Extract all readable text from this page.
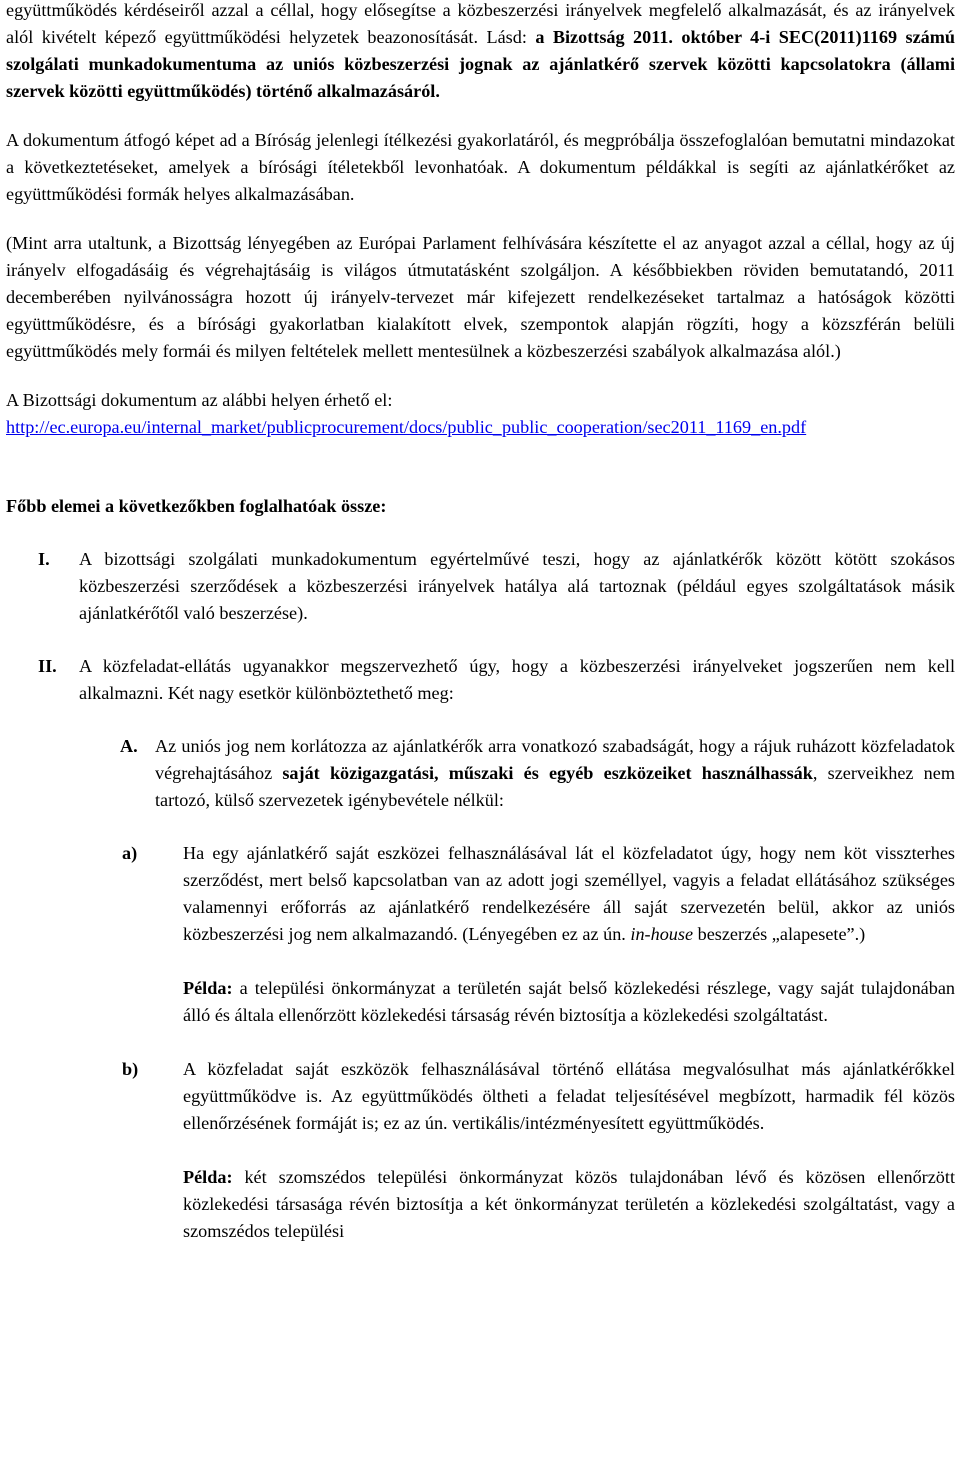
együttműködés kérdéseiről azzal a céllal, hogy elősegítse a közbeszerzési irányelvek megfelelő alkalmazását, és az irányelvek alól kivételt képező együttműködési helyzetek beazonosítását. Lásd: a Bizottság 2011. október 4-i SEC(2011)1169 számú szolgálati munkadokumentuma az uniós közbeszerzési jognak az ajánlatkérő szervek közötti kapcsolatokra (állami szervek közötti együttműködés) történő alkalmazásáról.

A dokumentum átfogó képet ad a Bíróság jelenlegi ítélkezési gyakorlatáról, és megpróbálja összefoglalóan bemutatni mindazokat a következtetéseket, amelyek a bírósági ítéletekből levonhatóak. A dokumentum példákkal is segíti az ajánlatkérőket az együttműködési formák helyes alkalmazásában.

(Mint arra utaltunk, a Bizottság lényegében az Európai Parlament felhívására készítette el az anyagot azzal a céllal, hogy az új irányelv elfogadásáig és végrehajtásáig is világos útmutatásként szolgáljon. A későbbiekben röviden bemutatandó, 2011 decemberében nyilvánosságra hozott új irányelv-tervezet már kifejezett rendelkezéseket tartalmaz a hatóságok közötti együttműködésre, és a bírósági gyakorlatban kialakított elvek, szempontok alapján rögzíti, hogy a közszférán belüli együttműködés mely formái és milyen feltételek mellett mentesülnek a közbeszerzési szabályok alkalmazása alól.)

A Bizottsági dokumentum az alábbi helyen érhető el:

http://ec.europa.eu/internal_market/publicprocurement/docs/public_public_cooperation/sec2011_1169_en.pdf

Főbb elemei a következőkben foglalhatóak össze:

I. A bizottsági szolgálati munkadokumentum egyértelművé teszi, hogy az ajánlatkérők között kötött szokásos közbeszerzési szerződések a közbeszerzési irányelvek hatálya alá tartoznak (például egyes szolgáltatások másik ajánlatkérőtől való beszerzése).
II. A közfeladat-ellátás ugyanakkor megszervezhető úgy, hogy a közbeszerzési irányelveket jogszerűen nem kell alkalmazni. Két nagy esetkör különböztethető meg:
A. Az uniós jog nem korlátozza az ajánlatkérők arra vonatkozó szabadságát, hogy a rájuk ruházott közfeladatok végrehajtásához saját közigazgatási, műszaki és egyéb eszközeiket használhassák, szerveikhez nem tartozó, külső szervezetek igénybevétele nélkül:
a)	Ha egy ajánlatkérő saját eszközei felhasználásával lát el közfeladatot úgy, hogy nem köt visszterhes szerződést, mert belső kapcsolatban van az adott jogi személlyel, vagyis a feladat ellátásához szükséges valamennyi erőforrás az ajánlatkérő rendelkezésére áll saját szervezetén belül, akkor az uniós közbeszerzési jog nem alkalmazandó. (Lényegében ez az ún. in-house beszerzés „alapesete”.)
Példa: a települési önkormányzat a területén saját belső közlekedési részlege, vagy saját tulajdonában álló és általa ellenőrzött közlekedési társaság révén biztosítja a közlekedési szolgáltatást.
b) A közfeladat saját eszközök felhasználásával történő ellátása megvalósulhat más ajánlatkérőkkel együttműködve is. Az együttműködés öltheti a feladat teljesítésével megbízott, harmadik fél közös ellenőrzésének formáját is; ez az ún. vertikális/intézményesített együttműködés.
Példa: két szomszédos települési önkormányzat közös tulajdonában lévő és közösen ellenőrzött közlekedési társasága révén biztosítja a két önkormányzat területén a közlekedési szolgáltatást, vagy a szomszédos települési
